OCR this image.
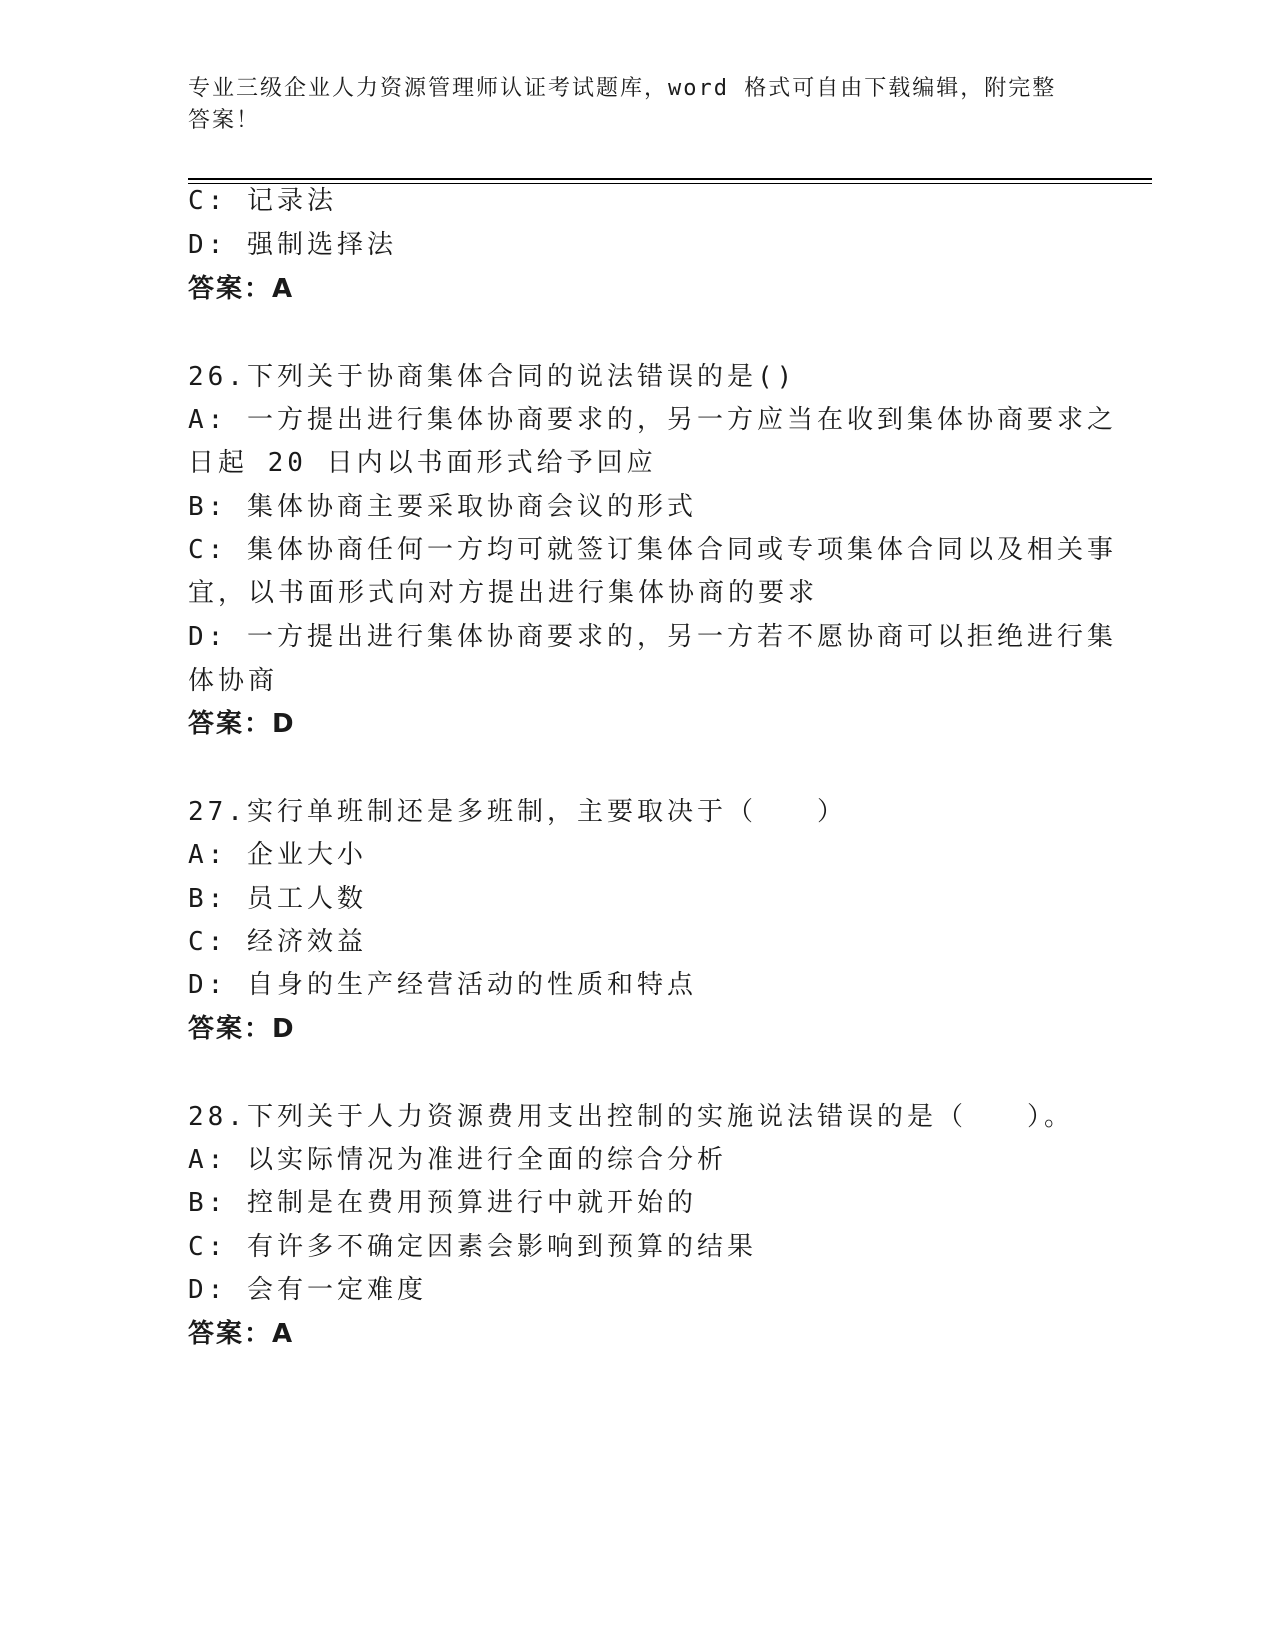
专业三级企业人力资源管理师认证考试题库，word 格式可自由下载编辑，附完整答案！
C: 记录法
D: 强制选择法
答案：A
26.下列关于协商集体合同的说法错误的是()
A: 一方提出进行集体协商要求的，另一方应当在收到集体协商要求之
日起 20 日内以书面形式给予回应
B: 集体协商主要采取协商会议的形式
C: 集体协商任何一方均可就签订集体合同或专项集体合同以及相关事
宜，以书面形式向对方提出进行集体协商的要求
D: 一方提出进行集体协商要求的，另一方若不愿协商可以拒绝进行集
体协商
答案：D
27.实行单班制还是多班制，主要取决于（　　）
A: 企业大小
B: 员工人数
C: 经济效益
D: 自身的生产经营活动的性质和特点
答案：D
28.下列关于人力资源费用支出控制的实施说法错误的是（　　）。
A: 以实际情况为准进行全面的综合分析
B: 控制是在费用预算进行中就开始的
C: 有许多不确定因素会影响到预算的结果
D: 会有一定难度
答案：A
